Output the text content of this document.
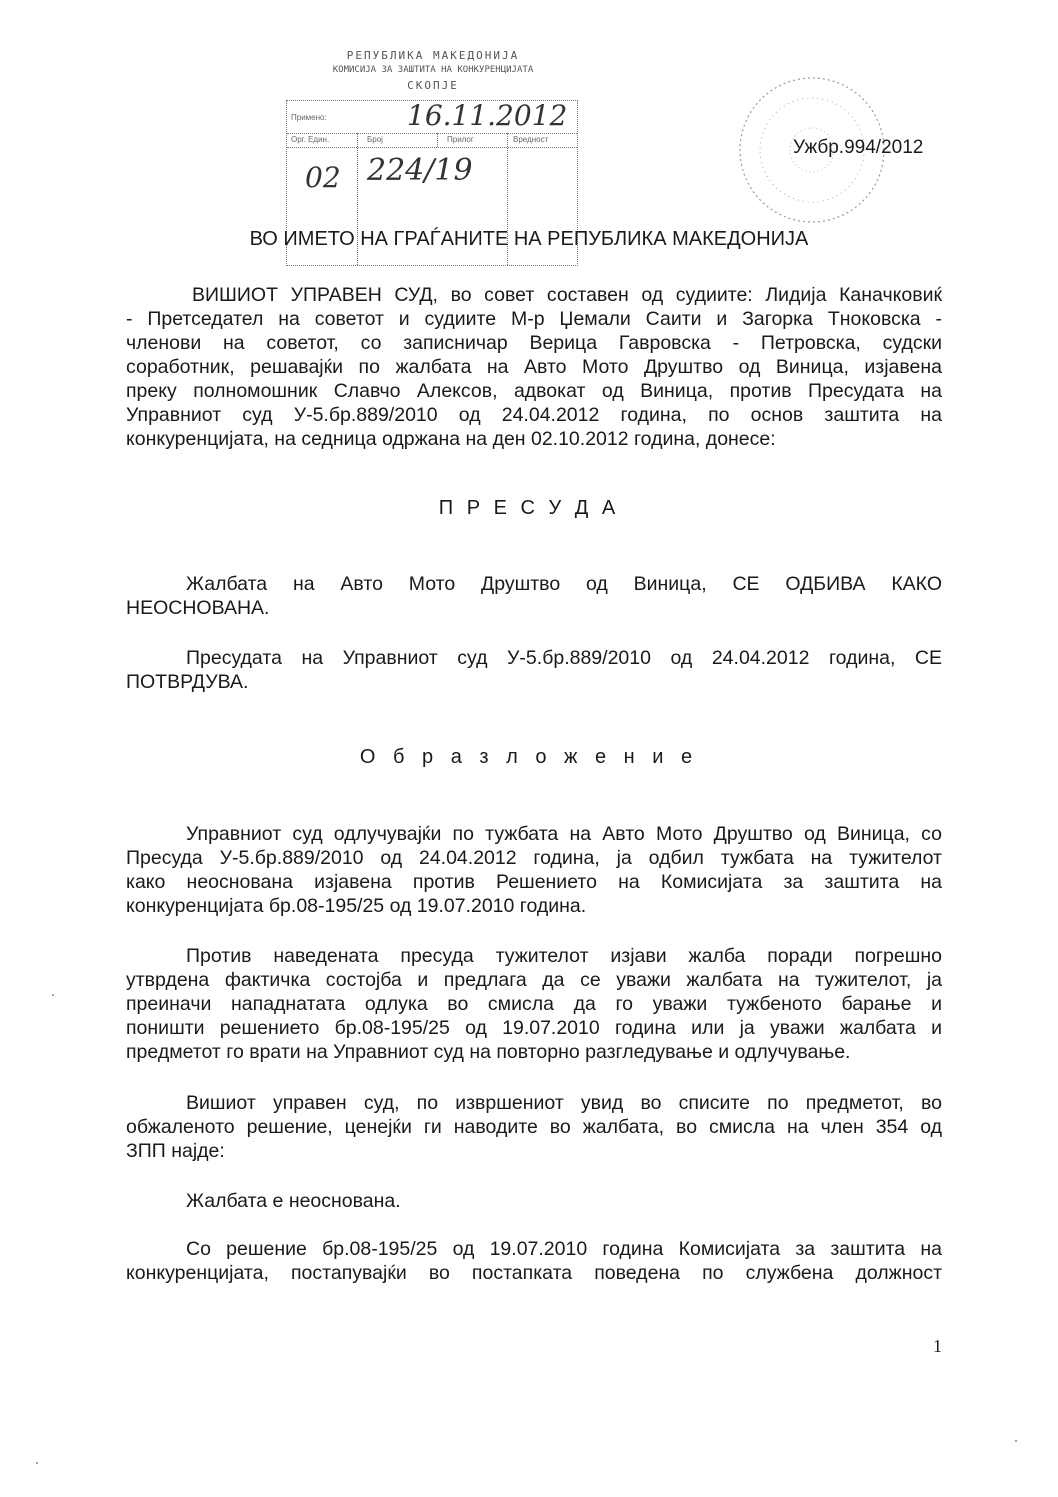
РЕПУБЛИКА МАКЕДОНИЈА
КОМИСИЈА ЗА ЗАШТИТА НА КОНКУРЕНЦИЈАТА
СКОПЈЕ
Примено:	16.11.2012
Орг. Един.	Број	Прилог	Вредност
02 224/19
Ужбр.994/2012
ВО ИМЕТО НА ГРАЃАНИТЕ НА РЕПУБЛИКА МАКЕДОНИЈА
ВИШИОТ УПРАВЕН СУД, во совет составен од судиите: Лидија Каначковиќ
- Претседател на советот и судиите М-р Џемали Саити и Загорка Тноковска -
членови на советот, со записничар Верица Гавровска - Петровска, судски
соработник, решавајќи по жалбата на Авто Мото Друштво од Виница, изјавена
преку полномошник Славчо Алексов, адвокат од Виница, против Пресудата на
Управниот суд У-5.бр.889/2010 од 24.04.2012 година, по основ заштита на
конкуренцијата, на седница одржана на ден 02.10.2012 година, донесе:
П Р Е С У Д А
Жалбата на Авто Мото Друштво од Виница, СЕ ОДБИВА КАКО
НЕОСНОВАНА.
Пресудата на Управниот суд У-5.бр.889/2010 од 24.04.2012 година, СЕ
ПОТВРДУВА.
О б р а з л о ж е н и е
Управниот суд одлучувајќи по тужбата на Авто Мото Друштво од Виница, со
Пресуда У-5.бр.889/2010 од 24.04.2012 година, ја одбил тужбата на тужителот
како неоснована изјавена против Решението на Комисијата за заштита на
конкуренцијата бр.08-195/25 од 19.07.2010 година.
Против наведената пресуда тужителот изјави жалба поради погрешно
утврдена фактичка состојба и предлага да се уважи жалбата на тужителот, ја
преиначи нападнатата одлука во смисла да го уважи тужбеното барање и
поништи решението бр.08-195/25 од 19.07.2010 година или ја уважи жалбата и
предметот го врати на Управниот суд на повторно разгледување и одлучување.
Вишиот управен суд, по извршениот увид во списите по предметот, во
обжаленото решение, ценејќи ги наводите во жалбата, во смисла на член 354 од
ЗПП најде:
Жалбата е неоснована.
Со решение бр.08-195/25 од 19.07.2010 година Комисијата за заштита на
конкуренцијата, постапувајќи во постапката поведена по службена должност
1
